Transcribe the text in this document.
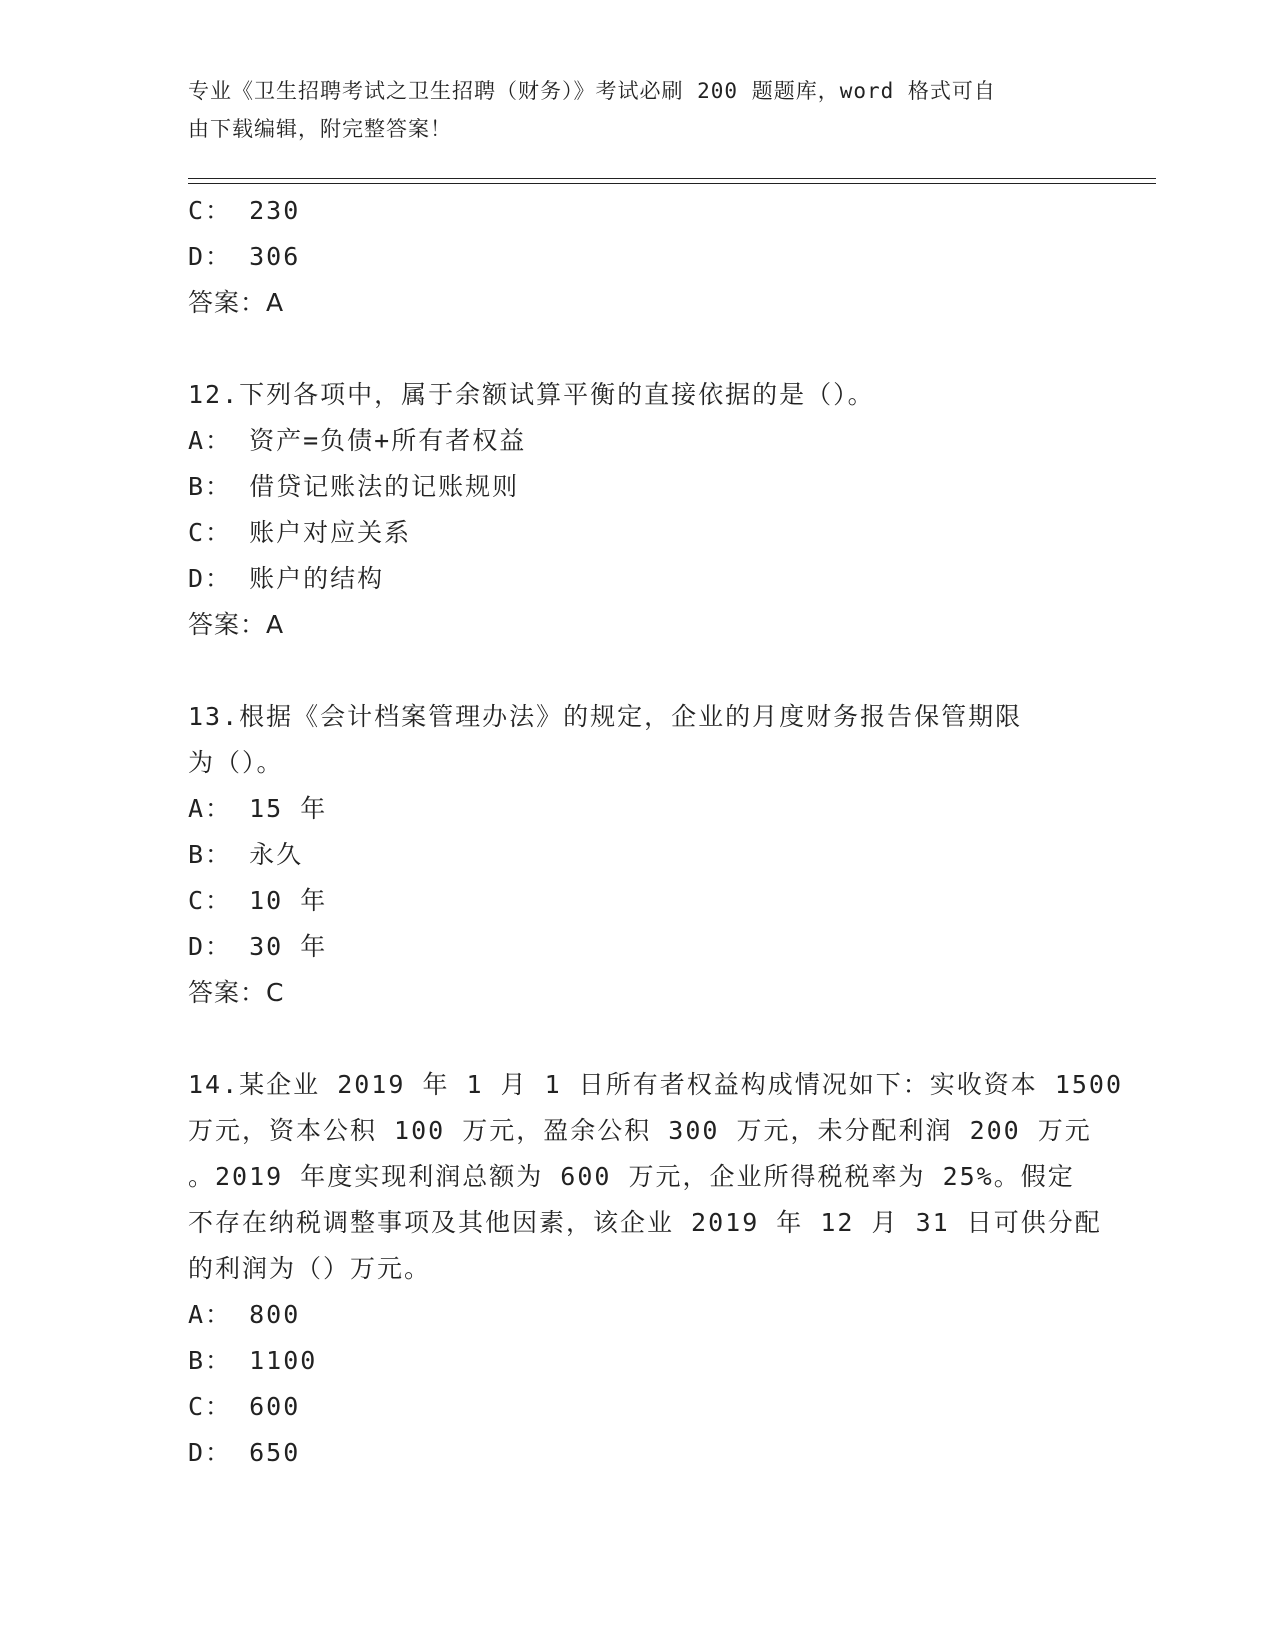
专业《卫生招聘考试之卫生招聘（财务）》考试必刷 200 题题库，word 格式可自
由下载编辑，附完整答案！
C： 230
D： 306
答案：A
12.下列各项中，属于余额试算平衡的直接依据的是（）。
A： 资产=负债+所有者权益
B： 借贷记账法的记账规则
C： 账户对应关系
D： 账户的结构
答案：A
13.根据《会计档案管理办法》的规定，企业的月度财务报告保管期限
为（）。
A： 15 年
B： 永久
C： 10 年
D： 30 年
答案：C
14.某企业 2019 年 1 月 1 日所有者权益构成情况如下：实收资本 1500
万元，资本公积 100 万元，盈余公积 300 万元，未分配利润 200 万元
。2019 年度实现利润总额为 600 万元，企业所得税税率为 25%。假定
不存在纳税调整事项及其他因素，该企业 2019 年 12 月 31 日可供分配
的利润为（）万元。
A： 800
B： 1100
C： 600
D： 650
